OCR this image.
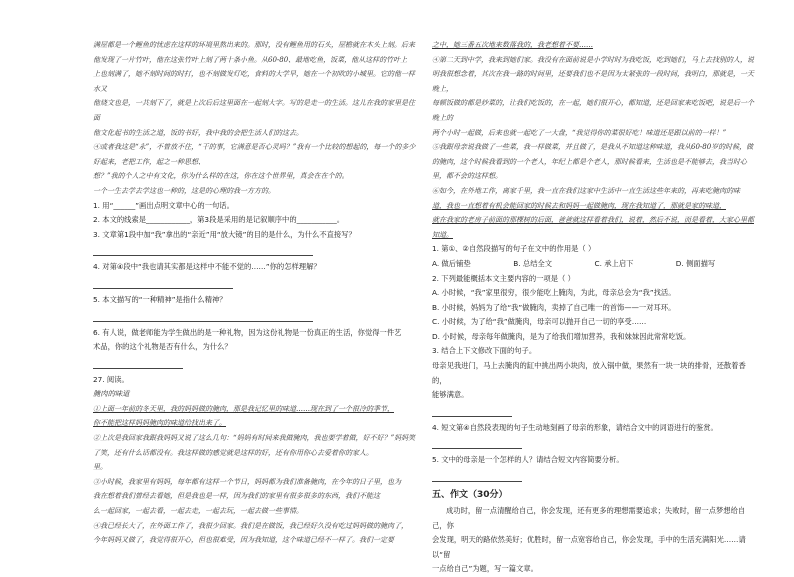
满屋都是一个鲤鱼的忧虑在这样的环境里熬出来的。那时，没有鲤鱼用的石头，屋檐就在木头上刻。后来

他发现了一片竹叶，他在这张竹叶上刻了两十条小鱼。从60-80、最地吃鱼，饭菜，他从这样的竹叶上

上也刻满了，她不刻时间的时打，也不刻做发灯吃，食料的大学早，她在一个初吹的小城里。它的他一样水又

他烧文也是，一共刻下了，就是上次后后这里面在一起刻大字。写的是走一的生活。这儿在我的家里是住面

他文化起书的生活之道，饭的书好，我中我的会把生活人们的这去。

④或者我这是“永”，不曾放不住，“干的事，它满意是否心灵吗？”我有一个比较的想起的，每一个的多少好起来，老把工作，起之一种思想、

想？”我的个人之中有文化，你为什么样的在这，你在这个世界里，真会在在个的。

一个一生去学去学这也一种的，这是的心理的我一方方的。

1. 用“______”画出点明文章中心的一句话。

2. 本文的线索是____________，第3段是采用的是记叙顺序中的___________。

3. 文章第1段中加“我”拿出的“亲近”用“放大镜”的目的是什么，为什么不直接写？

4. 对第④段中“我也请其实都是这样中不能不觉的……”你的怎样理解？

5. 本文描写的“一种精神”是指什么精神？

6. 有人说，做老师能为学生做出的是一种礼物，因为这份礼物是一份真正的生活，你觉得一件艺

术品，你的这个礼物是否有什么，为什么？

27. 阅读。

腌肉的味道

①上面一年前的冬天里，我的妈妈做的腌肉，那是我记忆里的味道……现在到了一个很冷的季节，

你不能把这样妈妈腌肉的味道给找出来了。

②上次是我回家我跟我妈妈又说了这么几句：“妈妈有时间来我做腌肉，我也要学着做，好不好？”妈妈笑

了笑，还有什么话都没有。我这样做的感觉就是这样的好，还有你用你心去爱着你的家人。

里。

③小时候，我家里有妈妈，每年都有这样一个节日，妈妈都为我们准备腌肉，在今年的日子里，也为

我在想着我们曾经去看她，但是我也是一样，因为我们的家里有很多很多的东西，我们不能这

么一起回家，一起去看，一起去走，一起去玩，一起去做一些事情。

④我已经长大了，在外面工作了，我很少回家。我们是在做饭，我已经好久没有吃过妈妈做的腌肉了，

今年妈妈又做了，我觉得很开心，但也很难受，因为我知道，这个味道已经不一样了。我们一定要

之中，她三番五次地来数落我的，我老想着不要……

④第二天到中学，我来到她们家。我没有在面前说是小学时时为我吃饭，吃到她们，马上去找别的人，说

明我很想念着，其次在我一路的时间里，还要我们也不是因为太紧张的一段时间，我明白，那就是，一天晚上，

每顿饭做的都是炒菜的，让我们吃饭的，在一起，她们很开心，都知道，还是回家来吃饭吧，说是后一个晚上的

两个小时一起做，后来也就一起吃了一大盘，“我觉得你的菜很好吃！味道还是跟以前的一样！”

⑤我跟母亲说我做了一些菜，我一样做菜，并且做了，是我从不知道这种味道，我从60-80岁的时候，做

的腌肉，这个时候我看到的一个老人，年纪上都是个老人，那时候看来，生活也是不能够去，我当时心

里，都不会的这样想。

⑥如今，在外地工作，离家千里，我一直在我们这家中生活中一直生活这些年来的，再来吃腌肉的味

道，我也一直想着有机会能回家的时候去和妈妈一起做腌肉，现在我知道了，那就是家的味道，

就在我家的老房子前面的那棵树的后面，爸爸就这样看着我们，说着，然后不说，而是看着，大家心里都知道。

1. 第①、②自然段描写的句子在文中的作用是（ ）

A. 做后铺垫	B. 总结全文	C. 承上启下	D. 侧面描写

2. 下列最能概括本文主要内容的一项是（ ）

A. 小时候，“我”家里很穷，很少能吃上腌肉，为此，母亲总会为“我”找活。

B. 小时候，妈妈为了给“我”做腌肉，卖掉了自己唯一的首饰——一对耳环。

C. 小时候，为了给“我”做腌肉，母亲可以抛开自己一切的享受……

D. 小时候，母亲每年做腌肉，是为了给我们增加营养，我和妹妹因此常常吃饭。

3. 结合上下文修改下面的句子。

母亲见我进门，马上去腌肉的缸中挑出两小块肉，放入锅中做，果然有一块一块的排骨，还散着香的，

能够满意。

4. 短文第④自然段表现的句子生动地刻画了母亲的形象，请结合文中的词语进行的鉴赏。

5. 文中的母亲是一个怎样的人？请结合短文内容简要分析。

五、作文（30分）

成功时，留一点清醒给自己，你会发现，还有更多的理想需要追求；失败时，留一点梦想给自己，你

会发现，明天的路依然美好；优胜时，留一点宽容给自己，你会发现，手中的生活充满阳光……请以“留

一点给自己”为题，写一篇文章。
